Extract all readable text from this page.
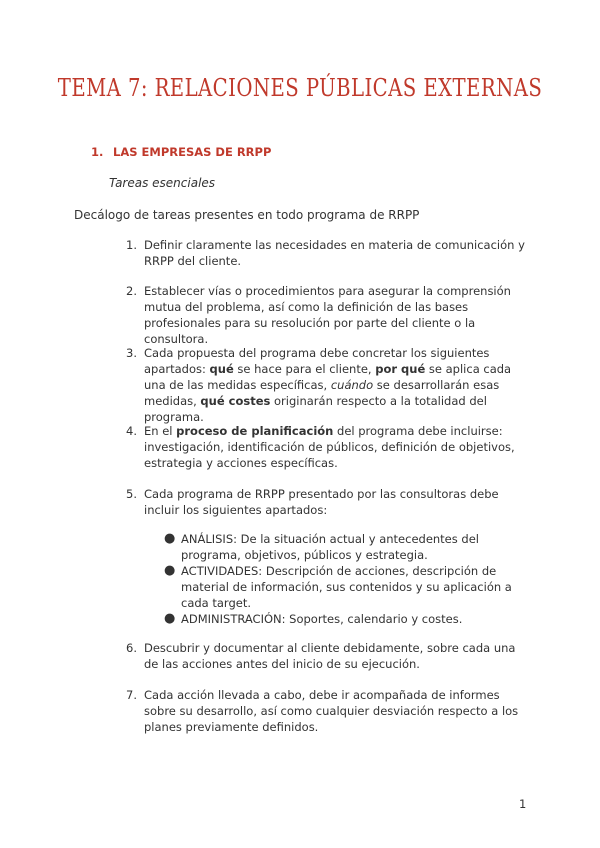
TEMA 7: RELACIONES PÚBLICAS EXTERNAS
1. LAS EMPRESAS DE RRPP
Tareas esenciales
Decálogo de tareas presentes en todo programa de RRPP
1. Definir claramente las necesidades en materia de comunicación y RRPP del cliente.
2. Establecer vías o procedimientos para asegurar la comprensión mutua del problema, así como la definición de las bases profesionales para su resolución por parte del cliente o la consultora.
3. Cada propuesta del programa debe concretar los siguientes apartados: qué se hace para el cliente, por qué se aplica cada una de las medidas específicas, cuándo se desarrollarán esas medidas, qué costes originarán respecto a la totalidad del programa.
4. En el proceso de planificación del programa debe incluirse: investigación, identificación de públicos, definición de objetivos, estrategia y acciones específicas.
5. Cada programa de RRPP presentado por las consultoras debe incluir los siguientes apartados:
● ANÁLISIS: De la situación actual y antecedentes del programa, objetivos, públicos y estrategia.
● ACTIVIDADES: Descripción de acciones, descripción de material de información, sus contenidos y su aplicación a cada target.
● ADMINISTRACIÓN: Soportes, calendario y costes.
6. Descubrir y documentar al cliente debidamente, sobre cada una de las acciones antes del inicio de su ejecución.
7. Cada acción llevada a cabo, debe ir acompañada de informes sobre su desarrollo, así como cualquier desviación respecto a los planes previamente definidos.
1
